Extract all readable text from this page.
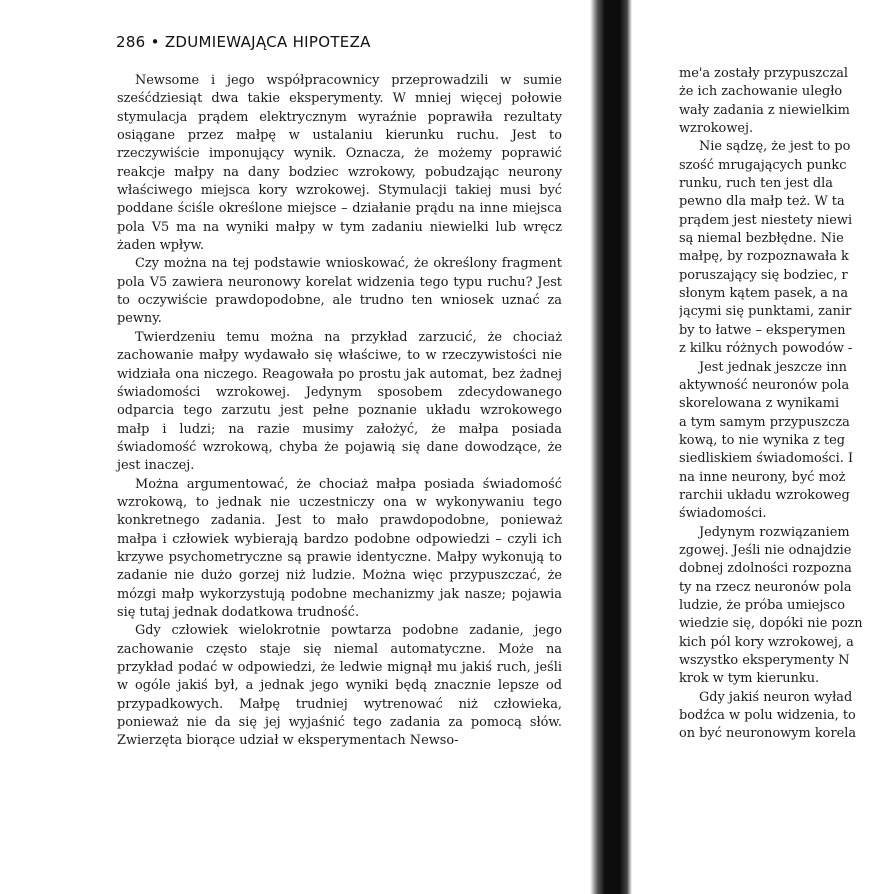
286 • ZDUMIEWAJĄCA HIPOTEZA

Newsome i jego współpracownicy przeprowadzili w sumie sześćdziesiąt dwa takie eksperymenty. W mniej więcej połowie stymulacja prądem elektrycznym wyraźnie poprawiła rezultaty osiągane przez małpę w ustalaniu kierunku ruchu. Jest to rzeczywiście imponujący wynik. Oznacza, że możemy poprawić reakcje małpy na dany bodziec wzrokowy, pobudzając neurony właściwego miejsca kory wzrokowej. Stymulacji takiej musi być poddane ściśle określone miejsce – działanie prądu na inne miejsca pola V5 ma na wyniki małpy w tym zadaniu niewielki lub wręcz żaden wpływ.

Czy można na tej podstawie wnioskować, że określony fragment pola V5 zawiera neuronowy korelat widzenia tego typu ruchu? Jest to oczywiście prawdopodobne, ale trudno ten wniosek uznać za pewny.

Twierdzeniu temu można na przykład zarzucić, że chociaż zachowanie małpy wydawało się właściwe, to w rzeczywistości nie widziała ona niczego. Reagowała po prostu jak automat, bez żadnej świadomości wzrokowej. Jedynym sposobem zdecydowanego odparcia tego zarzutu jest pełne poznanie układu wzrokowego małp i ludzi; na razie musimy założyć, że małpa posiada świadomość wzrokową, chyba że pojawią się dane dowodzące, że jest inaczej.

Można argumentować, że chociaż małpa posiada świadomość wzrokową, to jednak nie uczestniczy ona w wykonywaniu tego konkretnego zadania. Jest to mało prawdopodobne, ponieważ małpa i człowiek wybierają bardzo podobne odpowiedzi – czyli ich krzywe psychometryczne są prawie identyczne. Małpy wykonują to zadanie nie dużo gorzej niż ludzie. Można więc przypuszczać, że mózgi małp wykorzystują podobne mechanizmy jak nasze; pojawia się tutaj jednak dodatkowa trudność.

Gdy człowiek wielokrotnie powtarza podobne zadanie, jego zachowanie często staje się niemal automatyczne. Może na przykład podać w odpowiedzi, że ledwie mignął mu jakiś ruch, jeśli w ogóle jakiś był, a jednak jego wyniki będą znacznie lepsze od przypadkowych. Małpę trudniej wytrenować niż człowieka, ponieważ nie da się jej wyjaśnić tego zadania za pomocą słów. Zwierzęta biorące udział w eksperymentach Newso-

me'a zostały przypuszczal
że ich zachowanie uległo
wały zadania z niewielkim
wzrokowej.
Nie sądzę, że jest to po
szość mrugających punkc
runku, ruch ten jest dla
pewno dla małp też. W ta
prądem jest niestety niewi
są niemal bezbłędne. Nie
małpę, by rozpoznawała k
poruszający się bodziec, r
słonym kątem pasek, a na
jącymi się punktami, zanir
by to łatwe – eksperymen
z kilku różnych powodów -
Jest jednak jeszcze inn
aktywność neuronów pola
skorelowana z wynikami
a tym samym przypuszcza
kową, to nie wynika z teg
siedliskiem świadomości. I
na inne neurony, być moż
rarchii układu wzrokoweg
świadomości.
Jedynym rozwiązaniem
zgowej. Jeśli nie odnajdzie
dobnej zdolności rozpozna
ty na rzecz neuronów pola
ludzie, że próba umiejsco
wiedzie się, dopóki nie pozn
kich pól kory wzrokowej, a
wszystko eksperymenty N
krok w tym kierunku.
Gdy jakiś neuron wyład
bodźca w polu widzenia, to
on być neuronowym korela
